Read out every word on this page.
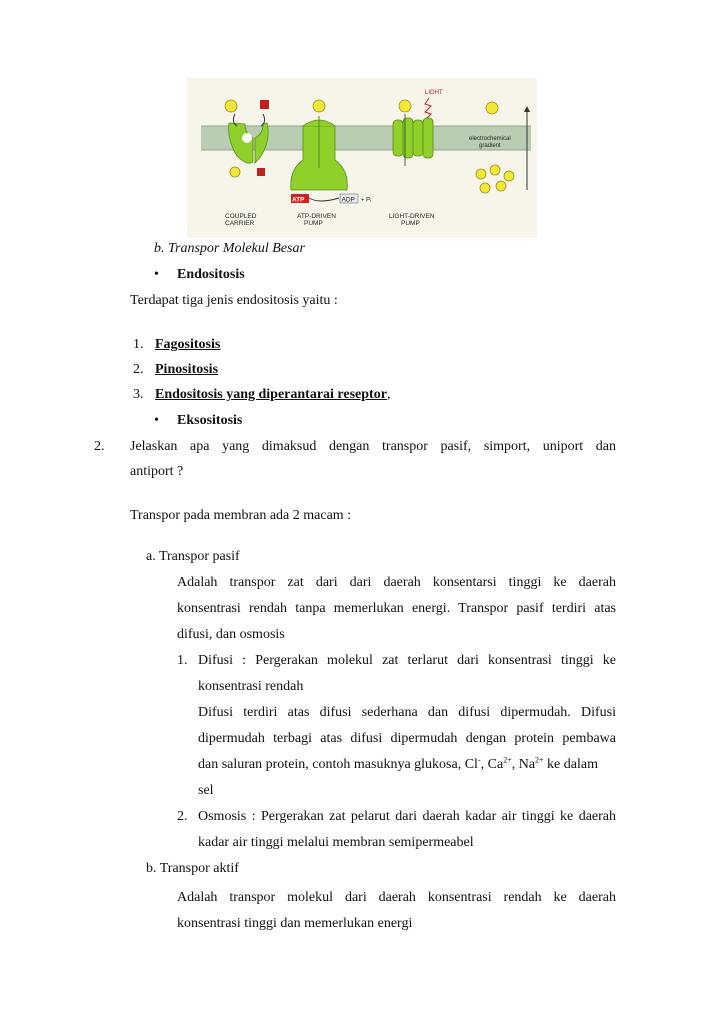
ATP	ADP + Pᵢ
LIGHT
electrochemical
gradient
COUPLED
CARRIER
ATP-DRIVEN
PUMP
LIGHT-DRIVEN
PUMP
b. Transpor Molekul Besar
• Endositosis
Terdapat tiga jenis endositosis yaitu :
1. Fagositosis
2. Pinositosis
3. Endositosis yang diperantarai reseptor,
• Eksositosis
2. Jelaskan apa yang dimaksud dengan transpor pasif, simport, uniport dan
antiport ?
Transpor pada membran ada 2 macam :
a. Transpor pasif
Adalah transpor zat dari dari daerah konsentarsi tinggi ke daerah
konsentrasi rendah tanpa memerlukan energi. Transpor pasif terdiri atas
difusi, dan osmosis
1. Difusi : Pergerakan molekul zat terlarut dari konsentrasi tinggi ke
konsentrasi rendah
Difusi terdiri atas difusi sederhana dan difusi dipermudah. Difusi
dipermudah terbagi atas difusi dipermudah dengan protein pembawa
dan saluran protein, contoh masuknya glukosa, Cl-, $Ca^{2+}$, $Na^{2+}$ ke dalam
sel
2. Osmosis : Pergerakan zat pelarut dari daerah kadar air tinggi ke daerah
kadar air tinggi melalui membran semipermeabel
b. Transpor aktif
Adalah transpor molekul dari daerah konsentrasi rendah ke daerah
konsentrasi tinggi dan memerlukan energi
